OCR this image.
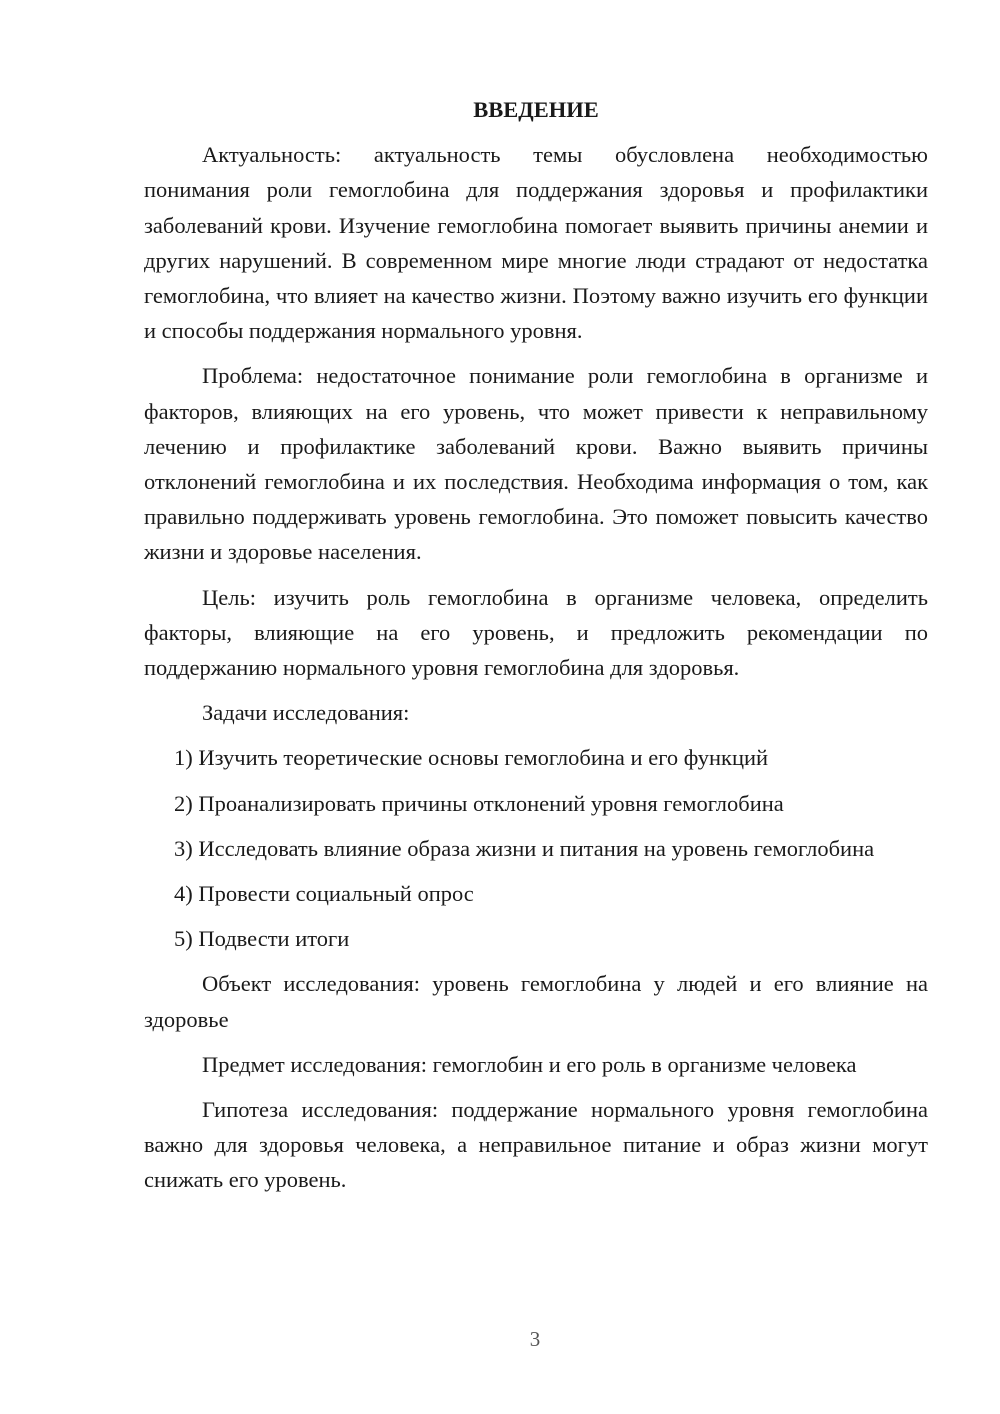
ВВЕДЕНИЕ

Актуальность: актуальность темы обусловлена необходимостью понимания роли гемоглобина для поддержания здоровья и профилактики заболеваний крови. Изучение гемоглобина помогает выявить причины анемии и других нарушений. В современном мире многие люди страдают от недостатка гемоглобина, что влияет на качество жизни. Поэтому важно изучить его функции и способы поддержания нормального уровня.

Проблема: недостаточное понимание роли гемоглобина в организме и факторов, влияющих на его уровень, что может привести к неправильному лечению и профилактике заболеваний крови. Важно выявить причины отклонений гемоглобина и их последствия. Необходима информация о том, как правильно поддерживать уровень гемоглобина. Это поможет повысить качество жизни и здоровье населения.

Цель: изучить роль гемоглобина в организме человека, определить факторы, влияющие на его уровень, и предложить рекомендации по поддержанию нормального уровня гемоглобина для здоровья.

Задачи исследования:

1) Изучить теоретические основы гемоглобина и его функций

2) Проанализировать причины отклонений уровня гемоглобина

3) Исследовать влияние образа жизни и питания на уровень гемоглобина

4) Провести социальный опрос

5) Подвести итоги

Объект исследования: уровень гемоглобина у людей и его влияние на здоровье

Предмет исследования: гемоглобин и его роль в организме человека

Гипотеза исследования: поддержание нормального уровня гемоглобина важно для здоровья человека, а неправильное питание и образ жизни могут снижать его уровень.

3
